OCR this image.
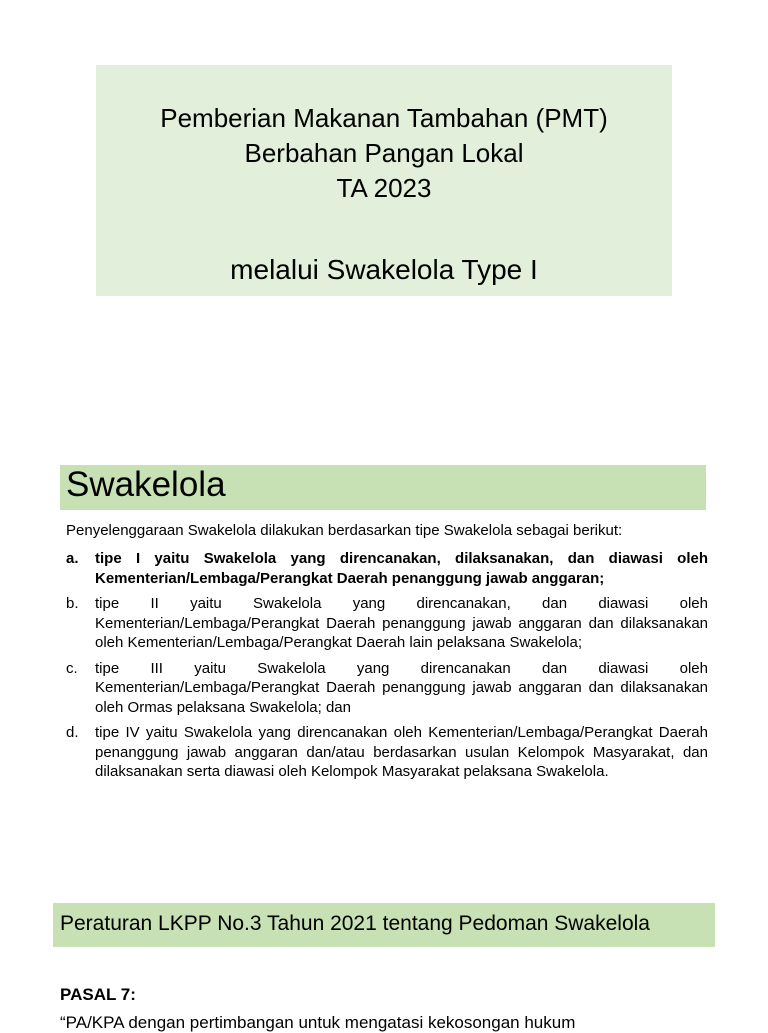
Pemberian Makanan Tambahan (PMT)
Berbahan Pangan Lokal
TA 2023
melalui Swakelola Type I
Swakelola
Penyelenggaraan Swakelola dilakukan berdasarkan tipe Swakelola sebagai berikut:
a. tipe I yaitu Swakelola yang direncanakan, dilaksanakan, dan diawasi oleh Kementerian/Lembaga/Perangkat Daerah penanggung jawab anggaran;
b. tipe II yaitu Swakelola yang direncanakan, dan diawasi oleh Kementerian/Lembaga/Perangkat Daerah penanggung jawab anggaran dan dilaksanakan oleh Kementerian/Lembaga/Perangkat Daerah lain pelaksana Swakelola;
c. tipe III yaitu Swakelola yang direncanakan dan diawasi oleh Kementerian/Lembaga/Perangkat Daerah penanggung jawab anggaran dan dilaksanakan oleh Ormas pelaksana Swakelola; dan
d. tipe IV yaitu Swakelola yang direncanakan oleh Kementerian/Lembaga/Perangkat Daerah penanggung jawab anggaran dan/atau berdasarkan usulan Kelompok Masyarakat, dan dilaksanakan serta diawasi oleh Kelompok Masyarakat pelaksana Swakelola.
Peraturan LKPP No.3 Tahun 2021 tentang Pedoman Swakelola
PASAL 7:
“PA/KPA dengan pertimbangan untuk mengatasi kekosongan hukum
